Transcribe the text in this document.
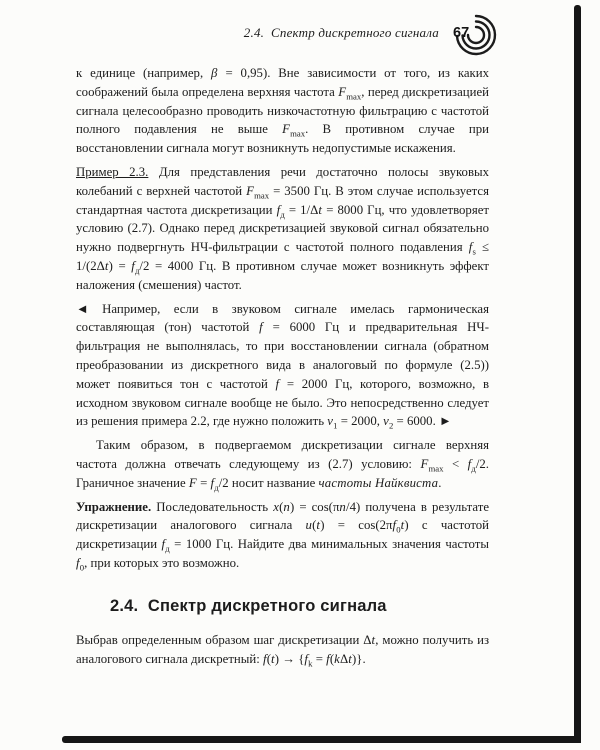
2.4.  Спектр дискретного сигнала 67

к единице (например, β = 0,95). Вне зависимости от того, из каких соображений была определена верхняя частота $F_{max}$, перед дискретизацией сигнала целесообразно проводить низкочастотную фильтрацию с частотой полного подавления не выше $F_{max}$. В противном случае при восстановлении сигнала могут возникнуть недопустимые искажения.

Пример 2.3. Для представления речи достаточно полосы звуковых колебаний с верхней частотой $F_{max} = 3500$ Гц. В этом случае используется стандартная частота дискретизации $f_д = 1/\Delta t = 8000$ Гц, что удовлетворяет условию (2.7). Однако перед дискретизацией звуковой сигнал обязательно нужно подвергнуть НЧ-фильтрации с частотой полного подавления $f_s \le 1/(2\Delta t) = f_д/2 = 4000$ Гц. В противном случае может возникнуть эффект наложения (смешения) частот.

◄ Например, если в звуковом сигнале имелась гармоническая составляющая (тон) частотой f = 6000 Гц и предварительная НЧ-фильтрация не выполнялась, то при восстановлении сигнала (обратном преобразовании из дискретного вида в аналоговый по формуле (2.5)) может появиться тон с частотой f = 2000 Гц, которого, возможно, в исходном звуковом сигнале вообще не было. Это непосредственно следует из решения примера 2.2, где нужно положить $\nu_1 = 2000$, $\nu_2 = 6000$. ►

Таким образом, в подвергаемом дискретизации сигнале верхняя частота должна отвечать следующему из (2.7) условию: $F_{max} < f_д/2$. Граничное значение $F = f_д/2$ носит название частоты Найквиста.

Упражнение. Последовательность x(n) = cos(πn/4) получена в результате дискретизации аналогового сигнала $u(t) = \cos(2\pi f_0t)$ с частотой дискретизации $f_д = 1000$ Гц. Найдите два минимальных значения частоты $f_0$, при которых это возможно.

2.4.  Спектр дискретного сигнала

Выбрав определенным образом шаг дискретизации Δt, можно получить из аналогового сигнала дискретный: $f(t) \to \{f_k = f(k\Delta t)\}$.
